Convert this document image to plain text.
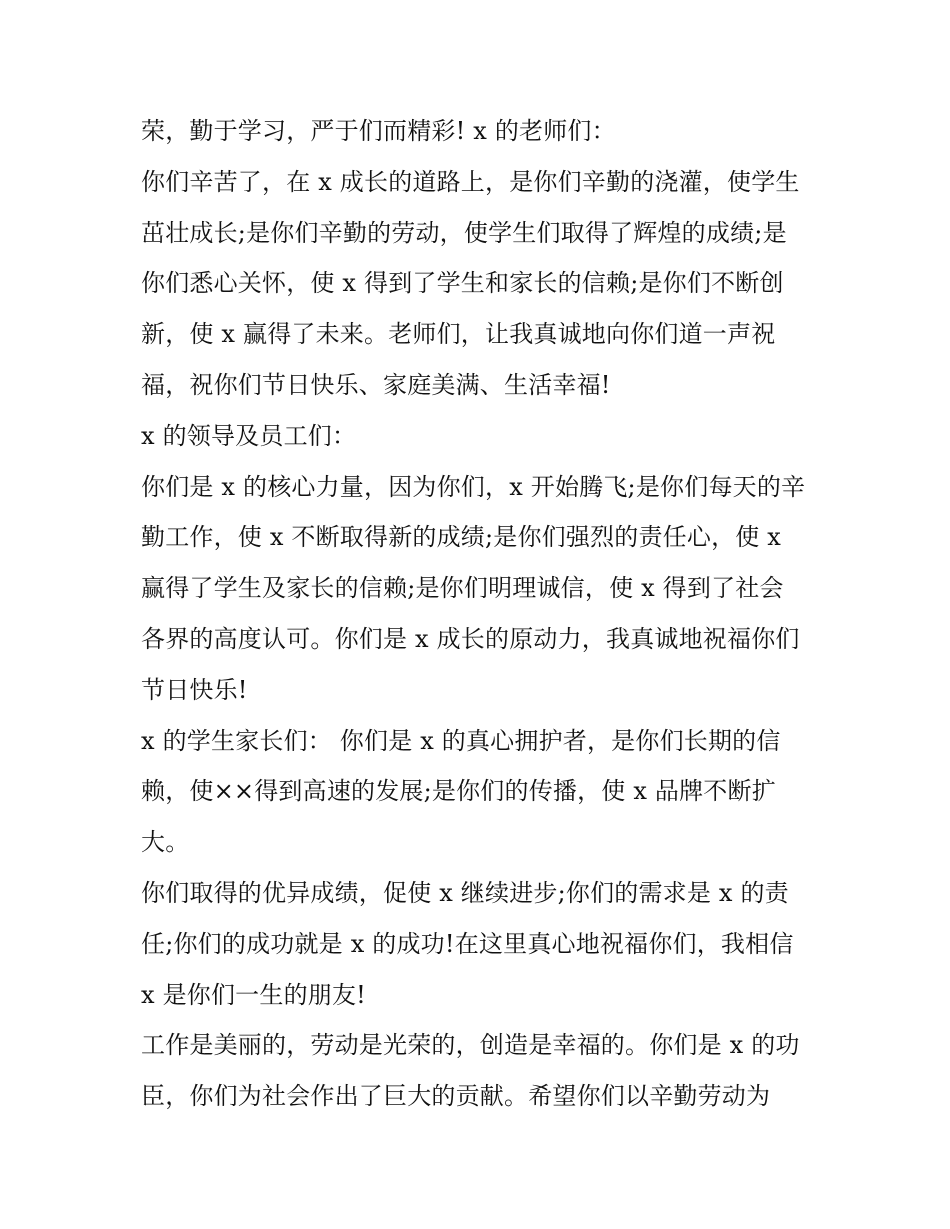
荣，勤于学习，严于们而精彩! x 的老师们：
你们辛苦了，在 x 成长的道路上，是你们辛勤的浇灌，使学生
茁壮成长;是你们辛勤的劳动，使学生们取得了辉煌的成绩;是
你们悉心关怀，使 x 得到了学生和家长的信赖;是你们不断创
新，使 x 赢得了未来。老师们，让我真诚地向你们道一声祝
福，祝你们节日快乐、家庭美满、生活幸福!
x 的领导及员工们：
你们是 x 的核心力量，因为你们，x 开始腾飞;是你们每天的辛
勤工作，使 x 不断取得新的成绩;是你们强烈的责任心，使 x
赢得了学生及家长的信赖;是你们明理诚信，使 x 得到了社会
各界的高度认可。你们是 x 成长的原动力，我真诚地祝福你们
节日快乐!
x 的学生家长们： 你们是 x 的真心拥护者，是你们长期的信
赖，使××得到高速的发展;是你们的传播，使 x 品牌不断扩
大。
你们取得的优异成绩，促使 x 继续进步;你们的需求是 x 的责
任;你们的成功就是 x 的成功!在这里真心地祝福你们，我相信
x 是你们一生的朋友!
工作是美丽的，劳动是光荣的，创造是幸福的。你们是 x 的功
臣，你们为社会作出了巨大的贡献。希望你们以辛勤劳动为
